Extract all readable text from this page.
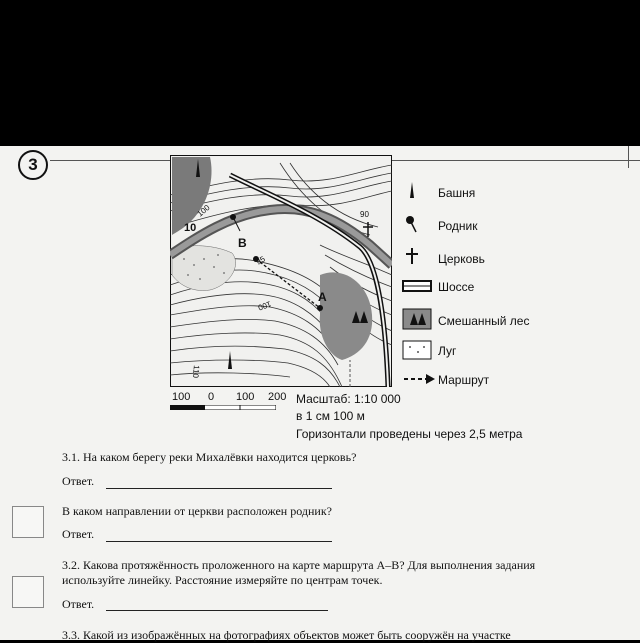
3
10
100	90
B
95
100
A
110
Башня
Родник
Церковь
Шоссе
Смешанный лес
Луг
Маршрут
100 0 100 200 Масштаб: 1:10 000
в 1 см 100 м
Горизонтали проведены через 2,5 метра
3.1. На каком берегу реки Михалёвки находится церковь?
Ответ.
В каком направлении от церкви расположен родник?
Ответ.
3.2. Какова протяжённость проложенного на карте маршрута А–В? Для выполнения задания
используйте линейку. Расстояние измеряйте по центрам точек.
Ответ.
3.3. Какой из изображённых на фотографиях объектов может быть сооружён на участке
